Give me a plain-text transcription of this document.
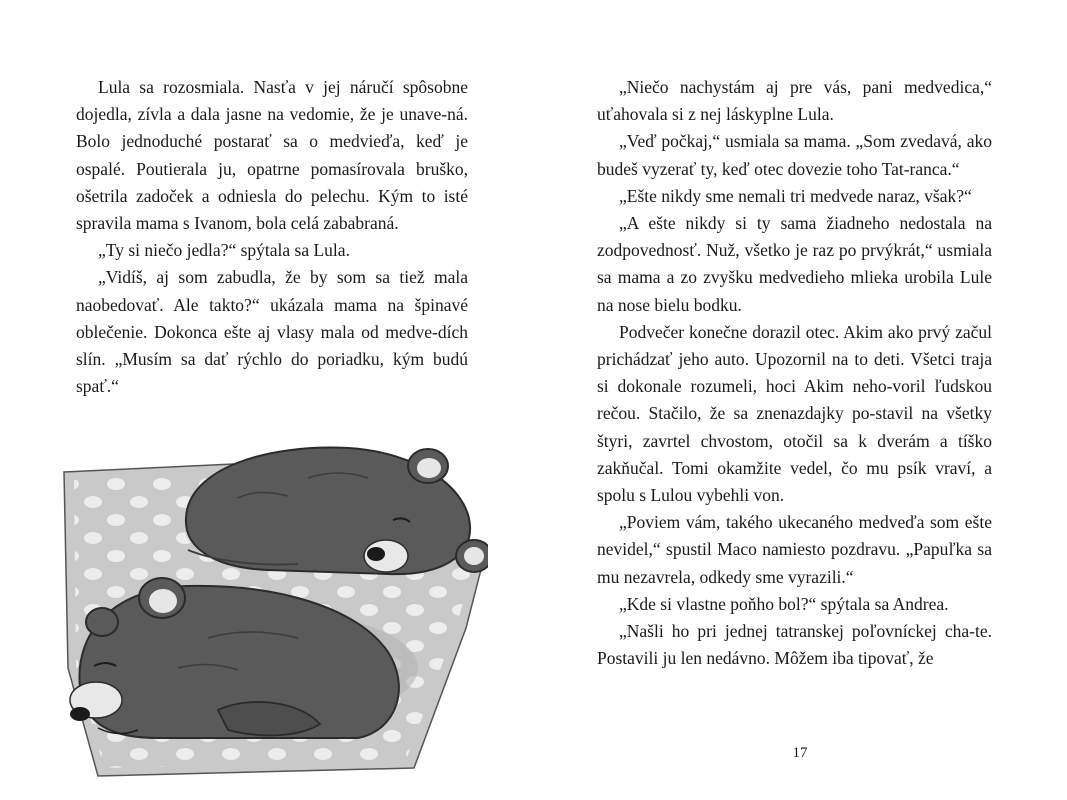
Lula sa rozosmiala. Nasťa v jej náručí spôsobne dojedla, zívla a dala jasne na vedomie, že je unave-ná. Bolo jednoduché postarať sa o medvieďa, keď je ospalé. Poutierala ju, opatrne pomasírovala bruško, ošetrila zadoček a odniesla do pelechu. Kým to isté spravila mama s Ivanom, bola celá zababraná.

„Ty si niečo jedla?“ spýtala sa Lula.

„Vidíš, aj som zabudla, že by som sa tiež mala naobedovať. Ale takto?“ ukázala mama na špinavé oblečenie. Dokonca ešte aj vlasy mala od medve-dích slín. „Musím sa dať rýchlo do poriadku, kým budú spať.“

„Niečo nachystám aj pre vás, pani medvedica,“ uťahovala si z nej láskyplne Lula.

„Veď počkaj,“ usmiala sa mama. „Som zvedavá, ako budeš vyzerať ty, keď otec dovezie toho Tat-ranca.“

„Ešte nikdy sme nemali tri medvede naraz, však?“

„A ešte nikdy si ty sama žiadneho nedostala na zodpovednosť. Nuž, všetko je raz po prvýkrát,“ usmiala sa mama a zo zvyšku medvedieho mlieka urobila Lule na nose bielu bodku.

Podvečer konečne dorazil otec. Akim ako prvý začul prichádzať jeho auto. Upozornil na to deti. Všetci traja si dokonale rozumeli, hoci Akim neho-voril ľudskou rečou. Stačilo, že sa znenazdajky po-stavil na všetky štyri, zavrtel chvostom, otočil sa k dverám a tíško zakňučal. Tomi okamžite vedel, čo mu psík vraví, a spolu s Lulou vybehli von.

„Poviem vám, takého ukecaného medveďa som ešte nevidel,“ spustil Maco namiesto pozdravu. „Papuľka sa mu nezavrela, odkedy sme vyrazili.“

„Kde si vlastne poňho bol?“ spýtala sa Andrea.

„Našli ho pri jednej tatranskej poľovníckej cha-te. Postavili ju len nedávno. Môžem iba tipovať, že

17
